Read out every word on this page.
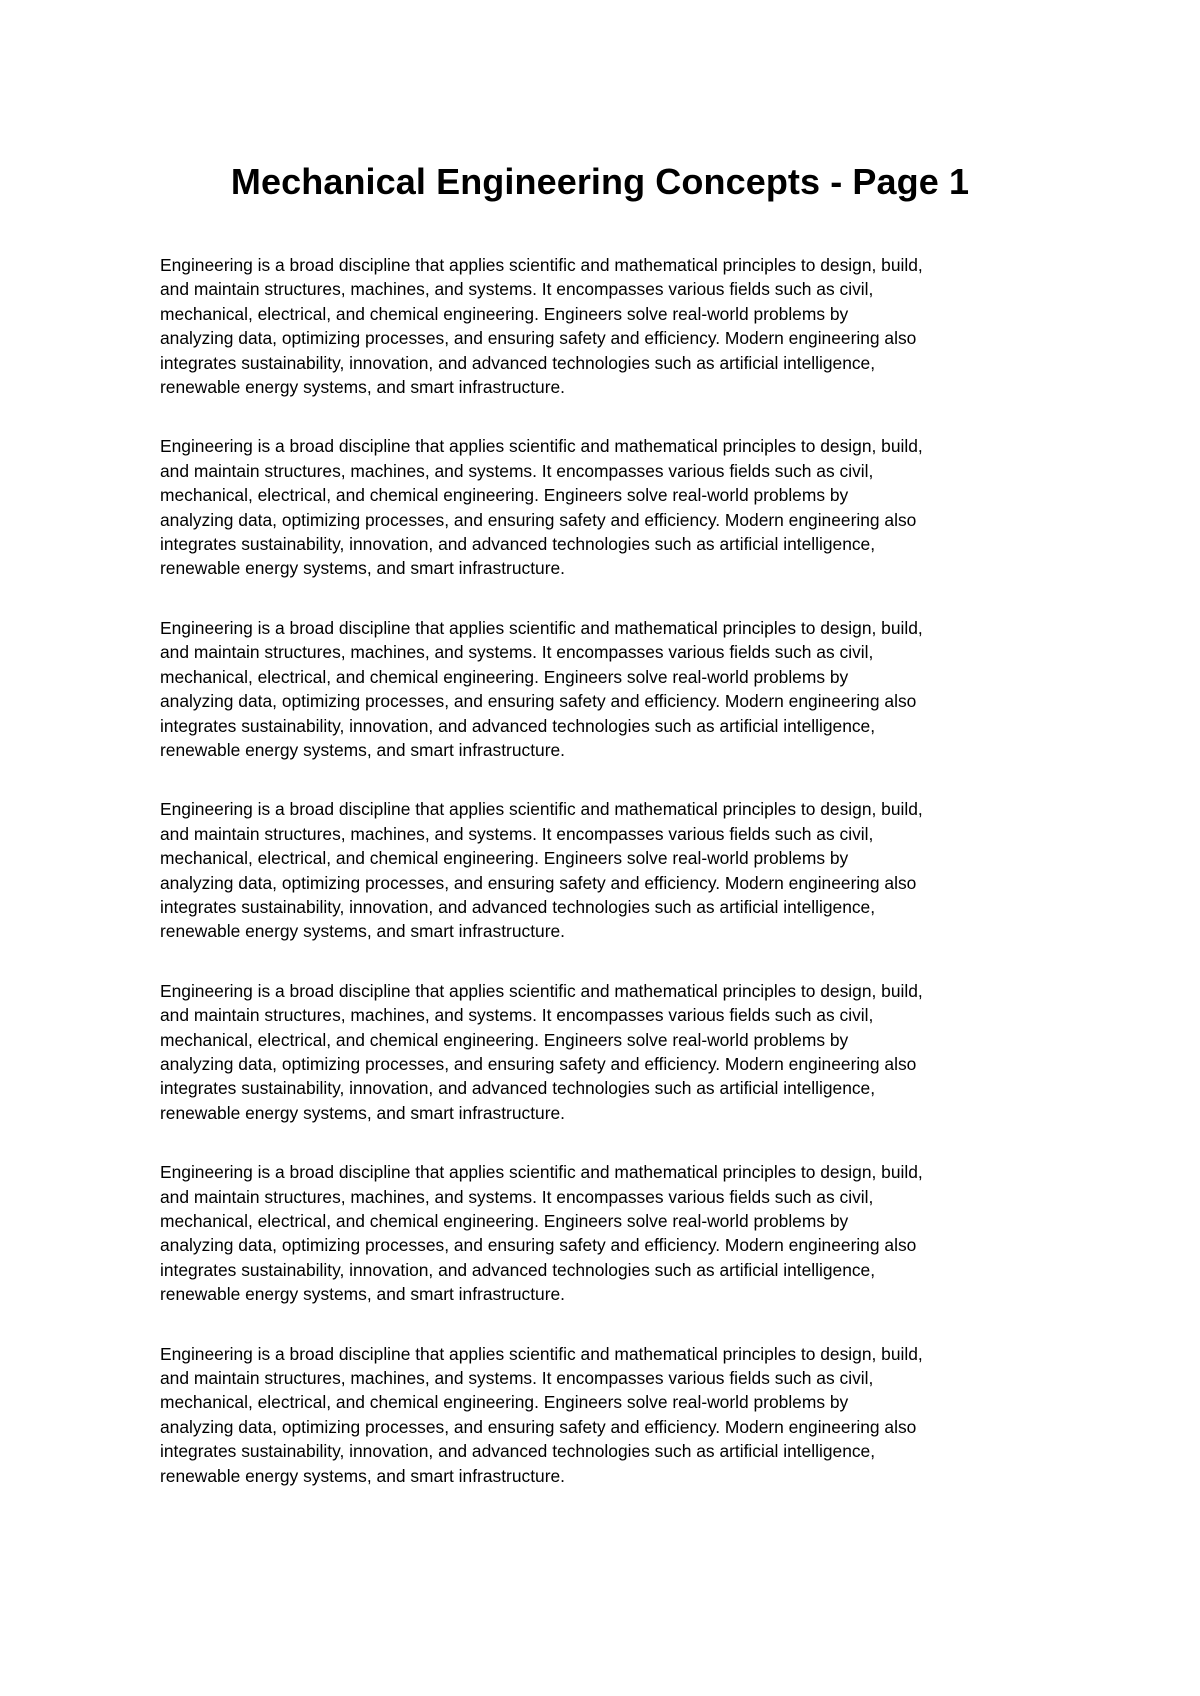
Mechanical Engineering Concepts - Page 1

Engineering is a broad discipline that applies scientific and mathematical principles to design, build,
and maintain structures, machines, and systems. It encompasses various fields such as civil,
mechanical, electrical, and chemical engineering. Engineers solve real-world problems by
analyzing data, optimizing processes, and ensuring safety and efficiency. Modern engineering also
integrates sustainability, innovation, and advanced technologies such as artificial intelligence,
renewable energy systems, and smart infrastructure.

Engineering is a broad discipline that applies scientific and mathematical principles to design, build,
and maintain structures, machines, and systems. It encompasses various fields such as civil,
mechanical, electrical, and chemical engineering. Engineers solve real-world problems by
analyzing data, optimizing processes, and ensuring safety and efficiency. Modern engineering also
integrates sustainability, innovation, and advanced technologies such as artificial intelligence,
renewable energy systems, and smart infrastructure.

Engineering is a broad discipline that applies scientific and mathematical principles to design, build,
and maintain structures, machines, and systems. It encompasses various fields such as civil,
mechanical, electrical, and chemical engineering. Engineers solve real-world problems by
analyzing data, optimizing processes, and ensuring safety and efficiency. Modern engineering also
integrates sustainability, innovation, and advanced technologies such as artificial intelligence,
renewable energy systems, and smart infrastructure.

Engineering is a broad discipline that applies scientific and mathematical principles to design, build,
and maintain structures, machines, and systems. It encompasses various fields such as civil,
mechanical, electrical, and chemical engineering. Engineers solve real-world problems by
analyzing data, optimizing processes, and ensuring safety and efficiency. Modern engineering also
integrates sustainability, innovation, and advanced technologies such as artificial intelligence,
renewable energy systems, and smart infrastructure.

Engineering is a broad discipline that applies scientific and mathematical principles to design, build,
and maintain structures, machines, and systems. It encompasses various fields such as civil,
mechanical, electrical, and chemical engineering. Engineers solve real-world problems by
analyzing data, optimizing processes, and ensuring safety and efficiency. Modern engineering also
integrates sustainability, innovation, and advanced technologies such as artificial intelligence,
renewable energy systems, and smart infrastructure.

Engineering is a broad discipline that applies scientific and mathematical principles to design, build,
and maintain structures, machines, and systems. It encompasses various fields such as civil,
mechanical, electrical, and chemical engineering. Engineers solve real-world problems by
analyzing data, optimizing processes, and ensuring safety and efficiency. Modern engineering also
integrates sustainability, innovation, and advanced technologies such as artificial intelligence,
renewable energy systems, and smart infrastructure.

Engineering is a broad discipline that applies scientific and mathematical principles to design, build,
and maintain structures, machines, and systems. It encompasses various fields such as civil,
mechanical, electrical, and chemical engineering. Engineers solve real-world problems by
analyzing data, optimizing processes, and ensuring safety and efficiency. Modern engineering also
integrates sustainability, innovation, and advanced technologies such as artificial intelligence,
renewable energy systems, and smart infrastructure.
